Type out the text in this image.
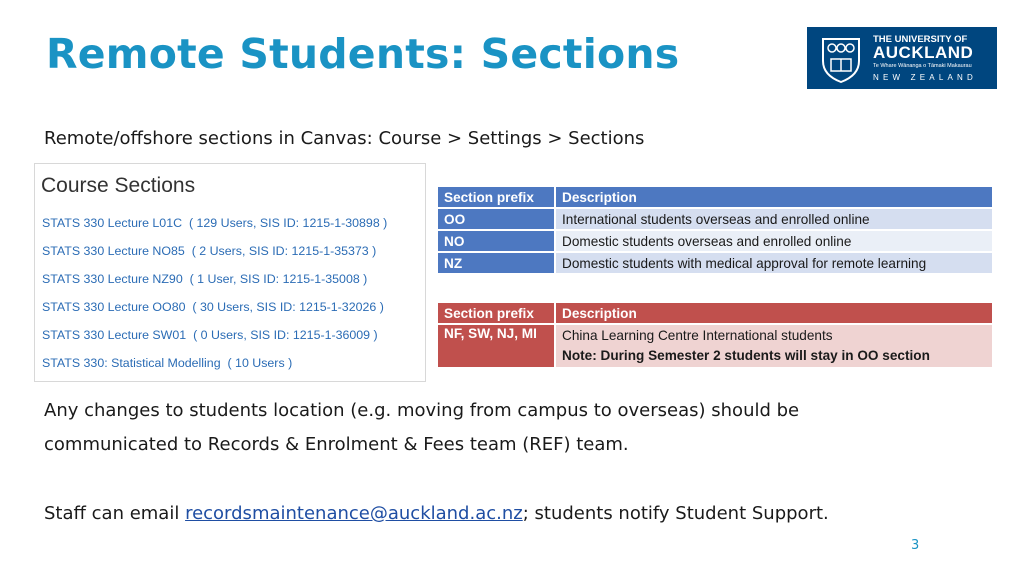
Remote Students: Sections	THE UNIVERSITY OF
AUCKLAND
Te Whare Wānanga o Tāmaki Makaurau
NEW ZEALAND
Remote/offshore sections in Canvas: Course > Settings > Sections
Course Sections
STATS 330 Lecture L01C ( 129 Users, SIS ID: 1215-1-30898 )
STATS 330 Lecture NO85 ( 2 Users, SIS ID: 1215-1-35373 )
STATS 330 Lecture NZ90 ( 1 User, SIS ID: 1215-1-35008 )
STATS 330 Lecture OO80 ( 30 Users, SIS ID: 1215-1-32026 )
STATS 330 Lecture SW01 ( 0 Users, SIS ID: 1215-1-36009 )
STATS 330: Statistical Modelling ( 10 Users )
Section prefix	Description
OO	International students overseas and enrolled online
NO	Domestic students overseas and enrolled online
NZ	Domestic students with medical approval for remote learning
Section prefix	Description
NF, SW, NJ, MI	China Learning Centre International students
Note: During Semester 2 students will stay in OO section
Any changes to students location (e.g. moving from campus to overseas) should be
communicated to Records & Enrolment & Fees team (REF) team.
Staff can email recordsmaintenance@auckland.ac.nz; students notify Student Support.
3
